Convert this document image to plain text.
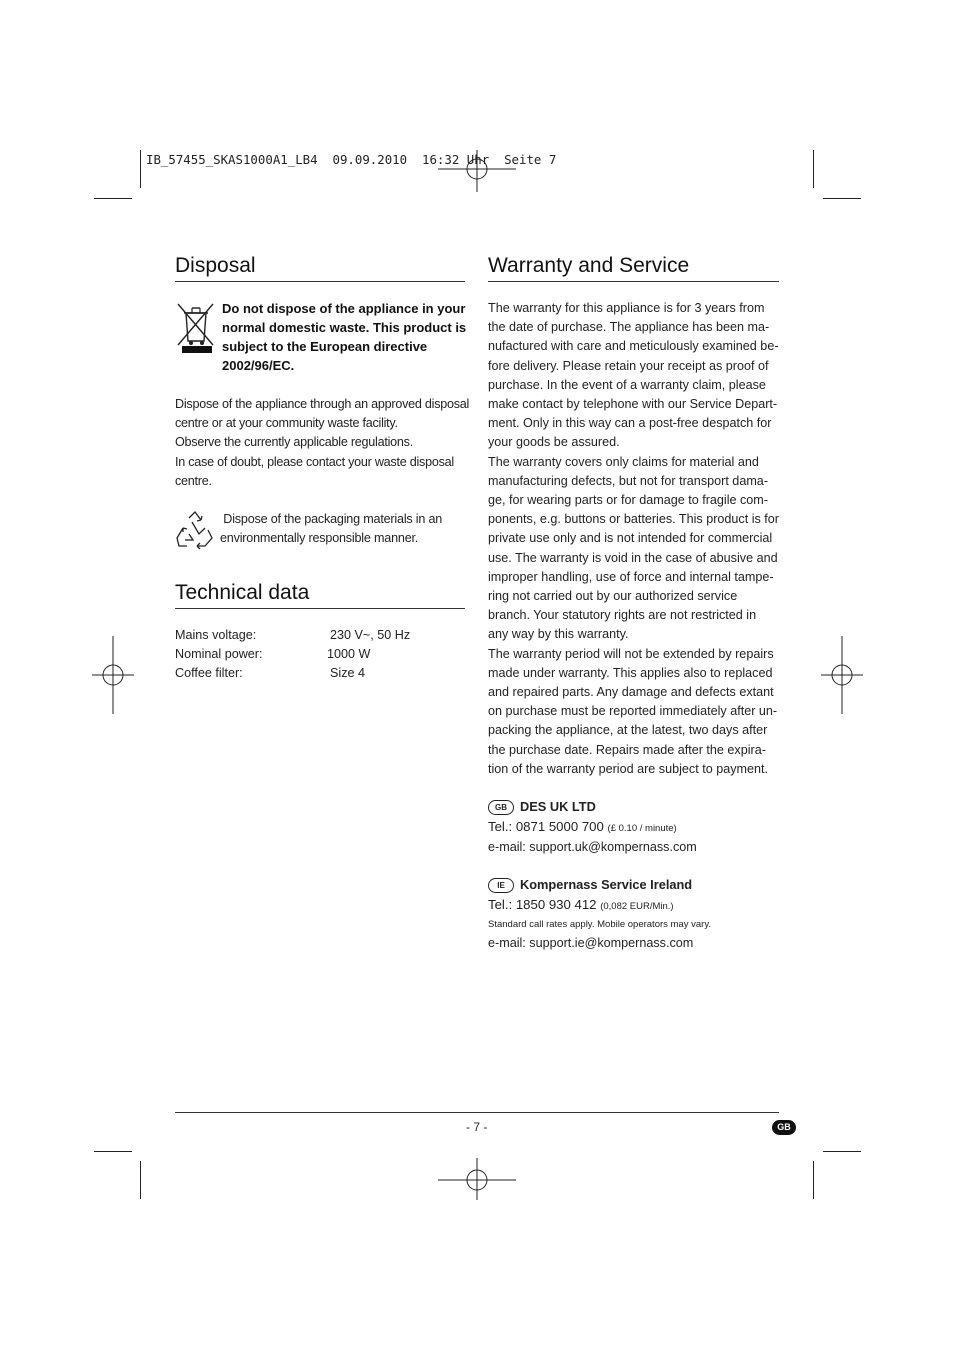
IB_57455_SKAS1000A1_LB4  09.09.2010  16:32 Uhr  Seite 7
Disposal
Do not dispose of the appliance in your
normal domestic waste. This product is
subject to the European directive
2002/96/EC.

Dispose of the appliance through an approved disposal

centre or at your community waste facility.

Observe the currently applicable regulations.

In case of doubt, please contact your waste disposal

centre.

Dispose of the packaging materials in an

environmentally responsible manner.

Technical data
Mains voltage:	230 V~, 50 Hz
Nominal power:	1000 W
Coffee filter:	Size 4
Warranty and Service

The warranty for this appliance is for 3 years from

the date of purchase. The appliance has been ma-

nufactured with care and meticulously examined be-

fore delivery. Please retain your receipt as proof of

purchase. In the event of a warranty claim, please

make contact by telephone with our Service Depart-

ment. Only in this way can a post-free despatch for

your goods be assured.

The warranty covers only claims for material and

manufacturing defects, but not for transport dama-

ge, for wearing parts or for damage to fragile com-

ponents, e.g. buttons or batteries. This product is for

private use only and is not intended for commercial

use. The warranty is void in the case of abusive and

improper handling, use of force and internal tampe-

ring not carried out by our authorized service

branch. Your statutory rights are not restricted in

any way by this warranty.

The warranty period will not be extended by repairs

made under warranty. This applies also to replaced

and repaired parts. Any damage and defects extant

on purchase must be reported immediately after un-

packing the appliance, at the latest, two days after

the purchase date. Repairs made after the expira-

tion of the warranty period are subject to payment.

GB DES UK LTD
Tel.: 0871 5000 700 (£ 0.10 / minute)
e-mail: support.uk@kompernass.com
IE Kompernass Service Ireland
Tel.: 1850 930 412 (0,082 EUR/Min.)
Standard call rates apply. Mobile operators may vary.
e-mail: support.ie@kompernass.com
- 7 -	GB
